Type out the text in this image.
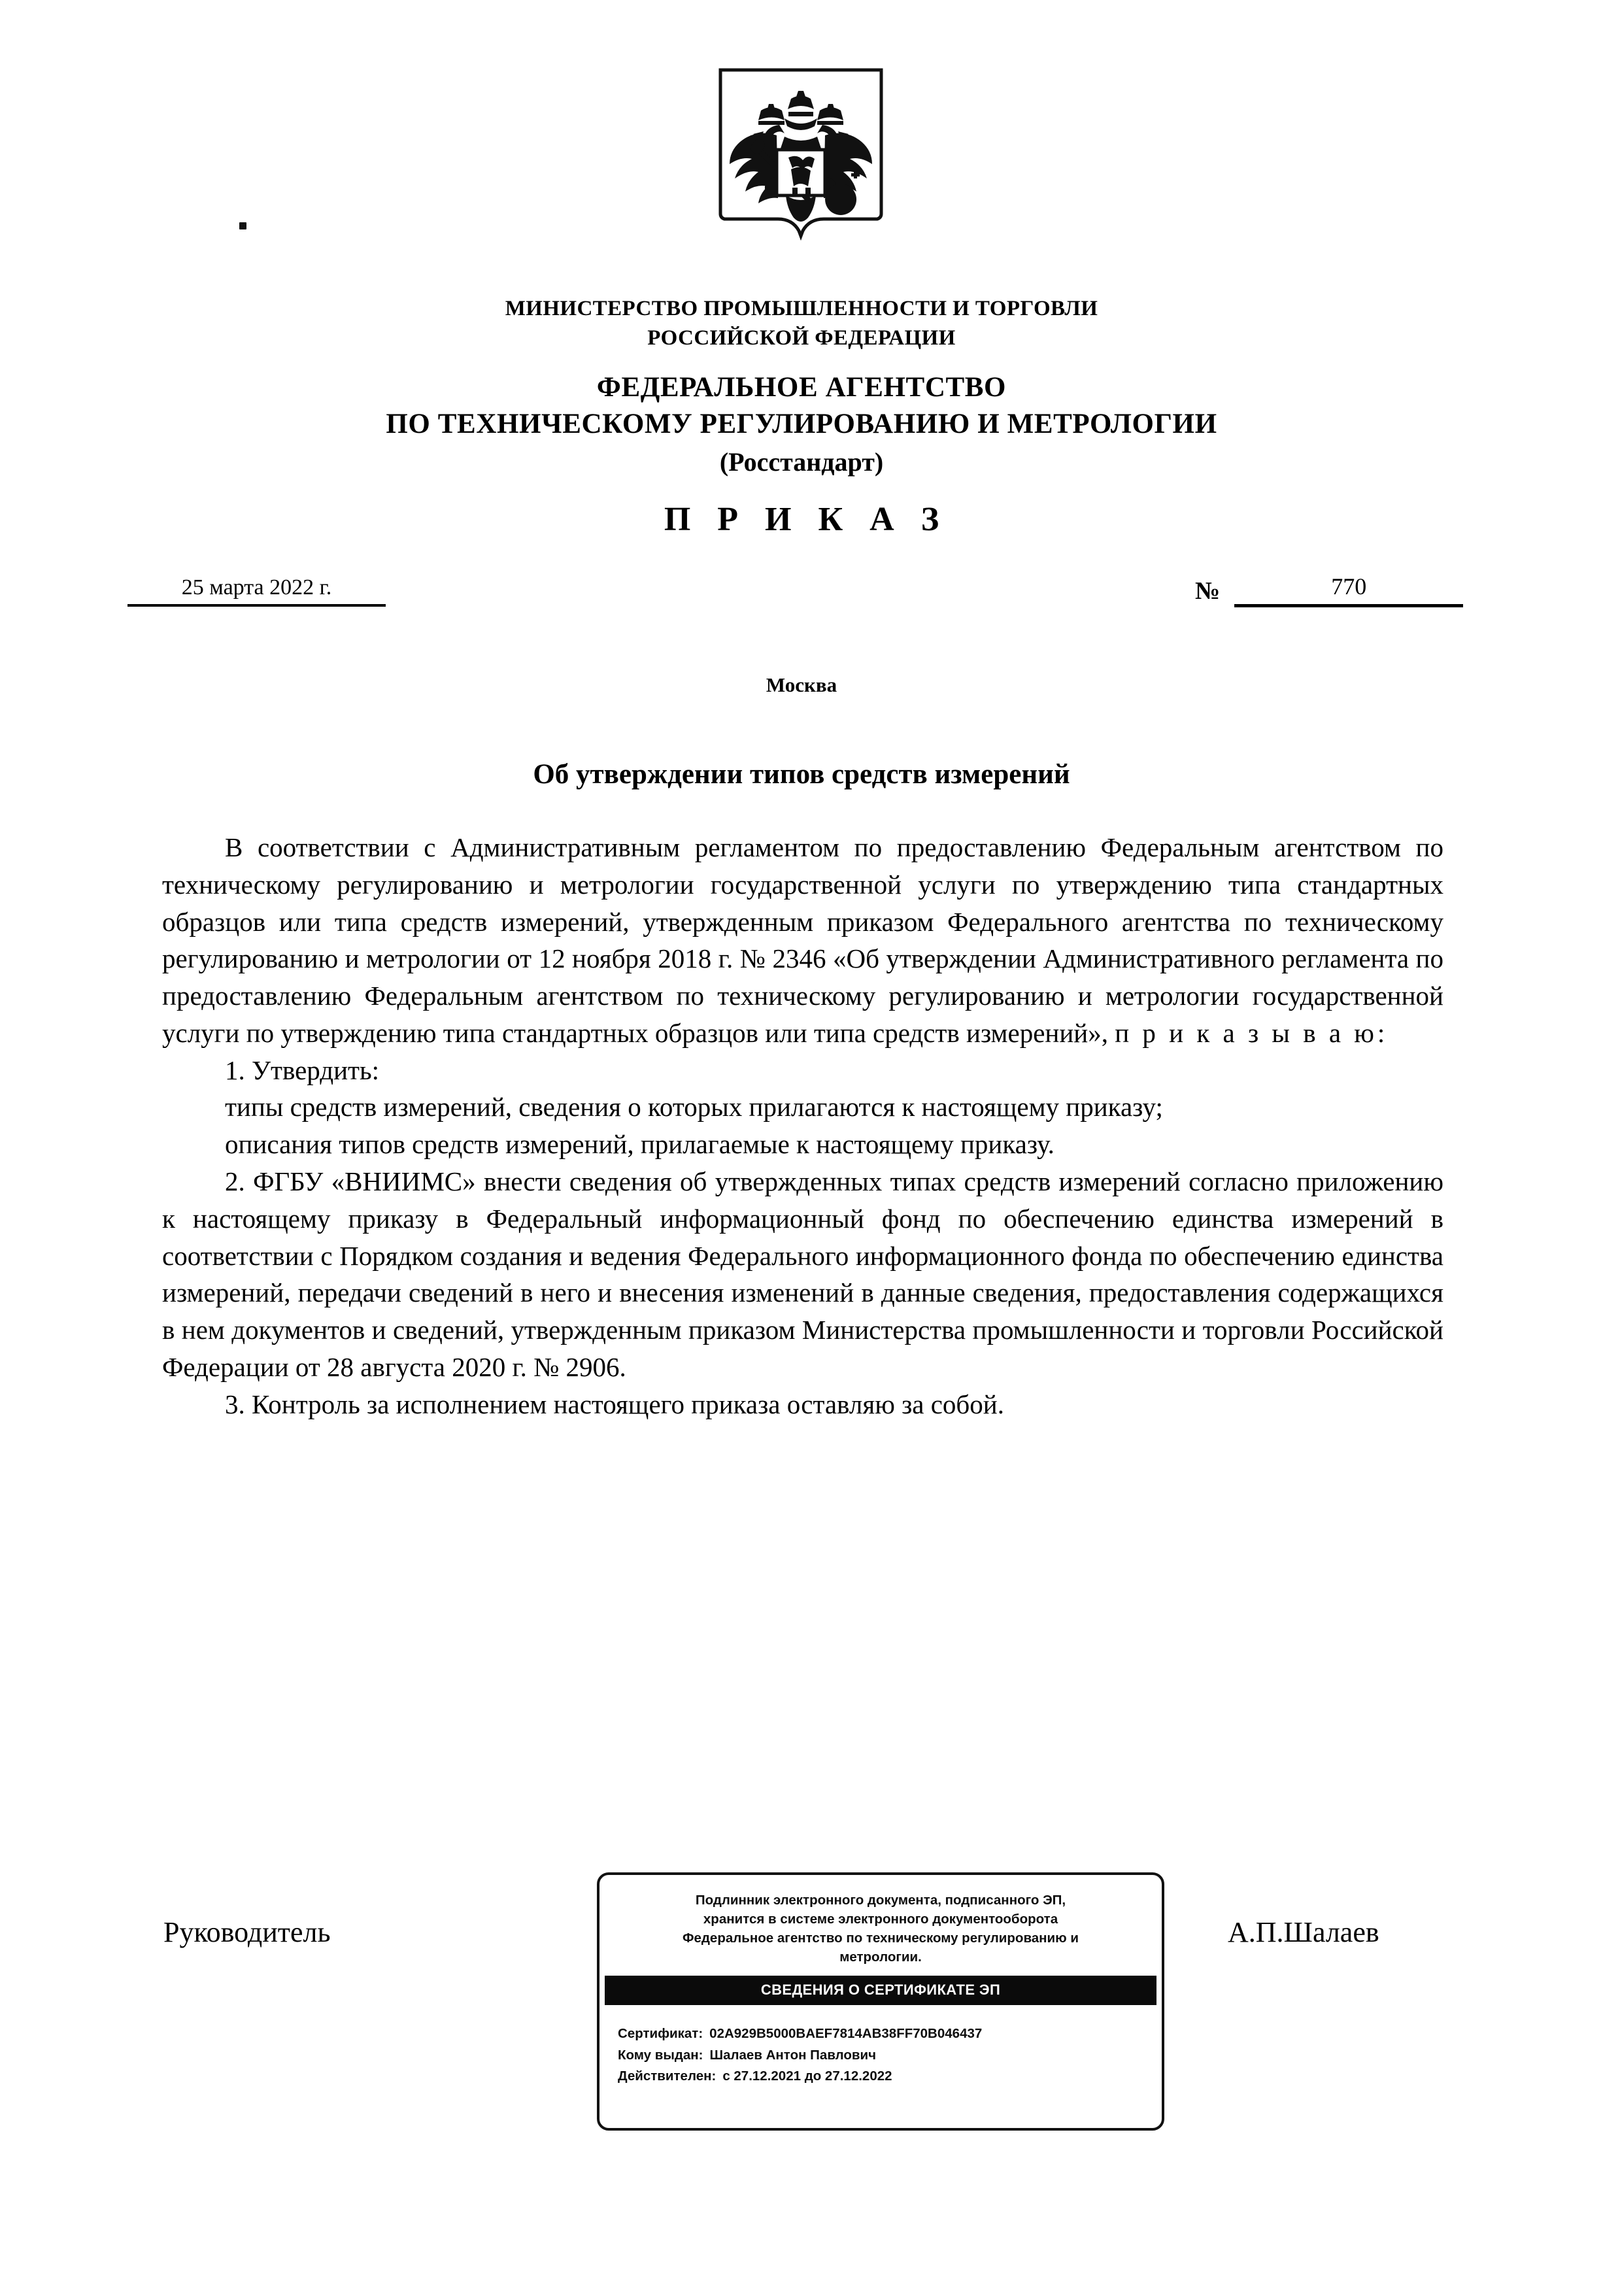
МИНИСТЕРСТВО ПРОМЫШЛЕННОСТИ И ТОРГОВЛИ
РОССИЙСКОЙ ФЕДЕРАЦИИ
ФЕДЕРАЛЬНОЕ АГЕНТСТВО
ПО ТЕХНИЧЕСКОМУ РЕГУЛИРОВАНИЮ И МЕТРОЛОГИИ
(Росстандарт)
П Р И К А З
25 марта 2022 г.	№	770
Москва
Об утверждении типов средств измерений

В соответствии с Административным регламентом по предоставлению Федеральным агентством по техническому регулированию и метрологии государственной услуги по утверждению типа стандартных образцов или типа средств измерений, утвержденным приказом Федерального агентства по техническому регулированию и метрологии от 12 ноября 2018 г. № 2346 «Об утверждении Административного регламента по предоставлению Федеральным агентством по техническому регулированию и метрологии государственной услуги по утверждению типа стандартных образцов или типа средств измерений», п р и к а з ы в а ю:

1. Утвердить:

типы средств измерений, сведения о которых прилагаются к настоящему приказу;

описания типов средств измерений, прилагаемые к настоящему приказу.

2. ФГБУ «ВНИИМС» внести сведения об утвержденных типах средств измерений согласно приложению к настоящему приказу в Федеральный информационный фонд по обеспечению единства измерений в соответствии с Порядком создания и ведения Федерального информационного фонда по обеспечению единства измерений, передачи сведений в него и внесения изменений в данные сведения, предоставления содержащихся в нем документов и сведений, утвержденным приказом Министерства промышленности и торговли Российской Федерации от 28 августа 2020 г. № 2906.

3. Контроль за исполнением настоящего приказа оставляю за собой.

Руководитель	А.П.Шалаев
Подлинник электронного документа, подписанного ЭП,
хранится в системе электронного документооборота
Федеральное агентство по техническому регулированию и
метрологии.
СВЕДЕНИЯ О СЕРТИФИКАТЕ ЭП
Сертификат: 02A929B5000BAEF7814AB38FF70B046437
Кому выдан: Шалаев Антон Павлович
Действителен: с 27.12.2021 до 27.12.2022
